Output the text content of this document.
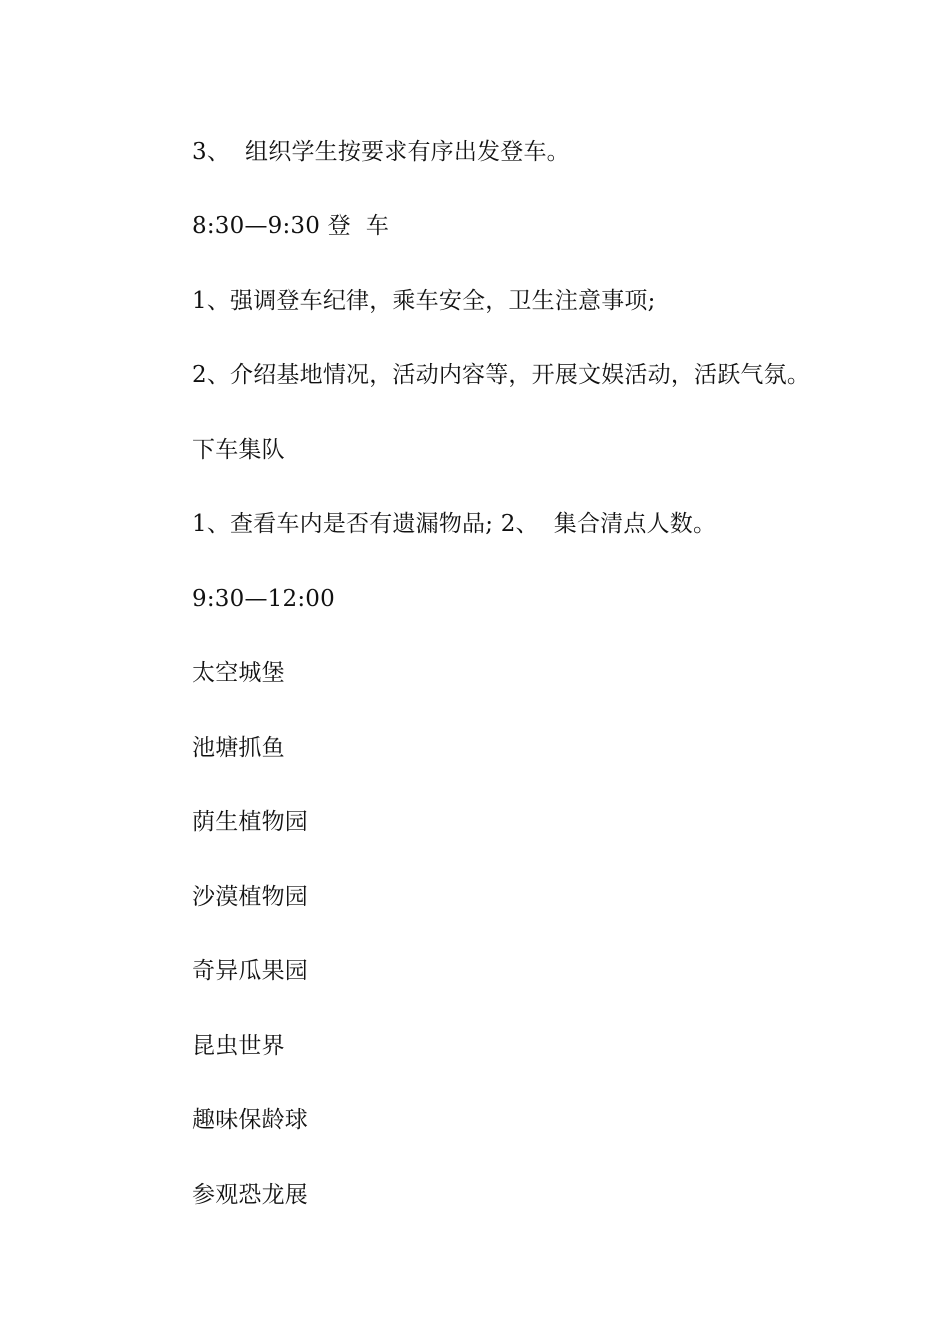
3、  组织学生按要求有序出发登车。

8:30—9:30 登  车

1、强调登车纪律，乘车安全，卫生注意事项;

2、介绍基地情况，活动内容等，开展文娱活动，活跃气氛。

下车集队

1、查看车内是否有遗漏物品; 2、  集合清点人数。

9:30—12:00

太空城堡

池塘抓鱼

荫生植物园

沙漠植物园

奇异瓜果园

昆虫世界

趣味保龄球

参观恐龙展
